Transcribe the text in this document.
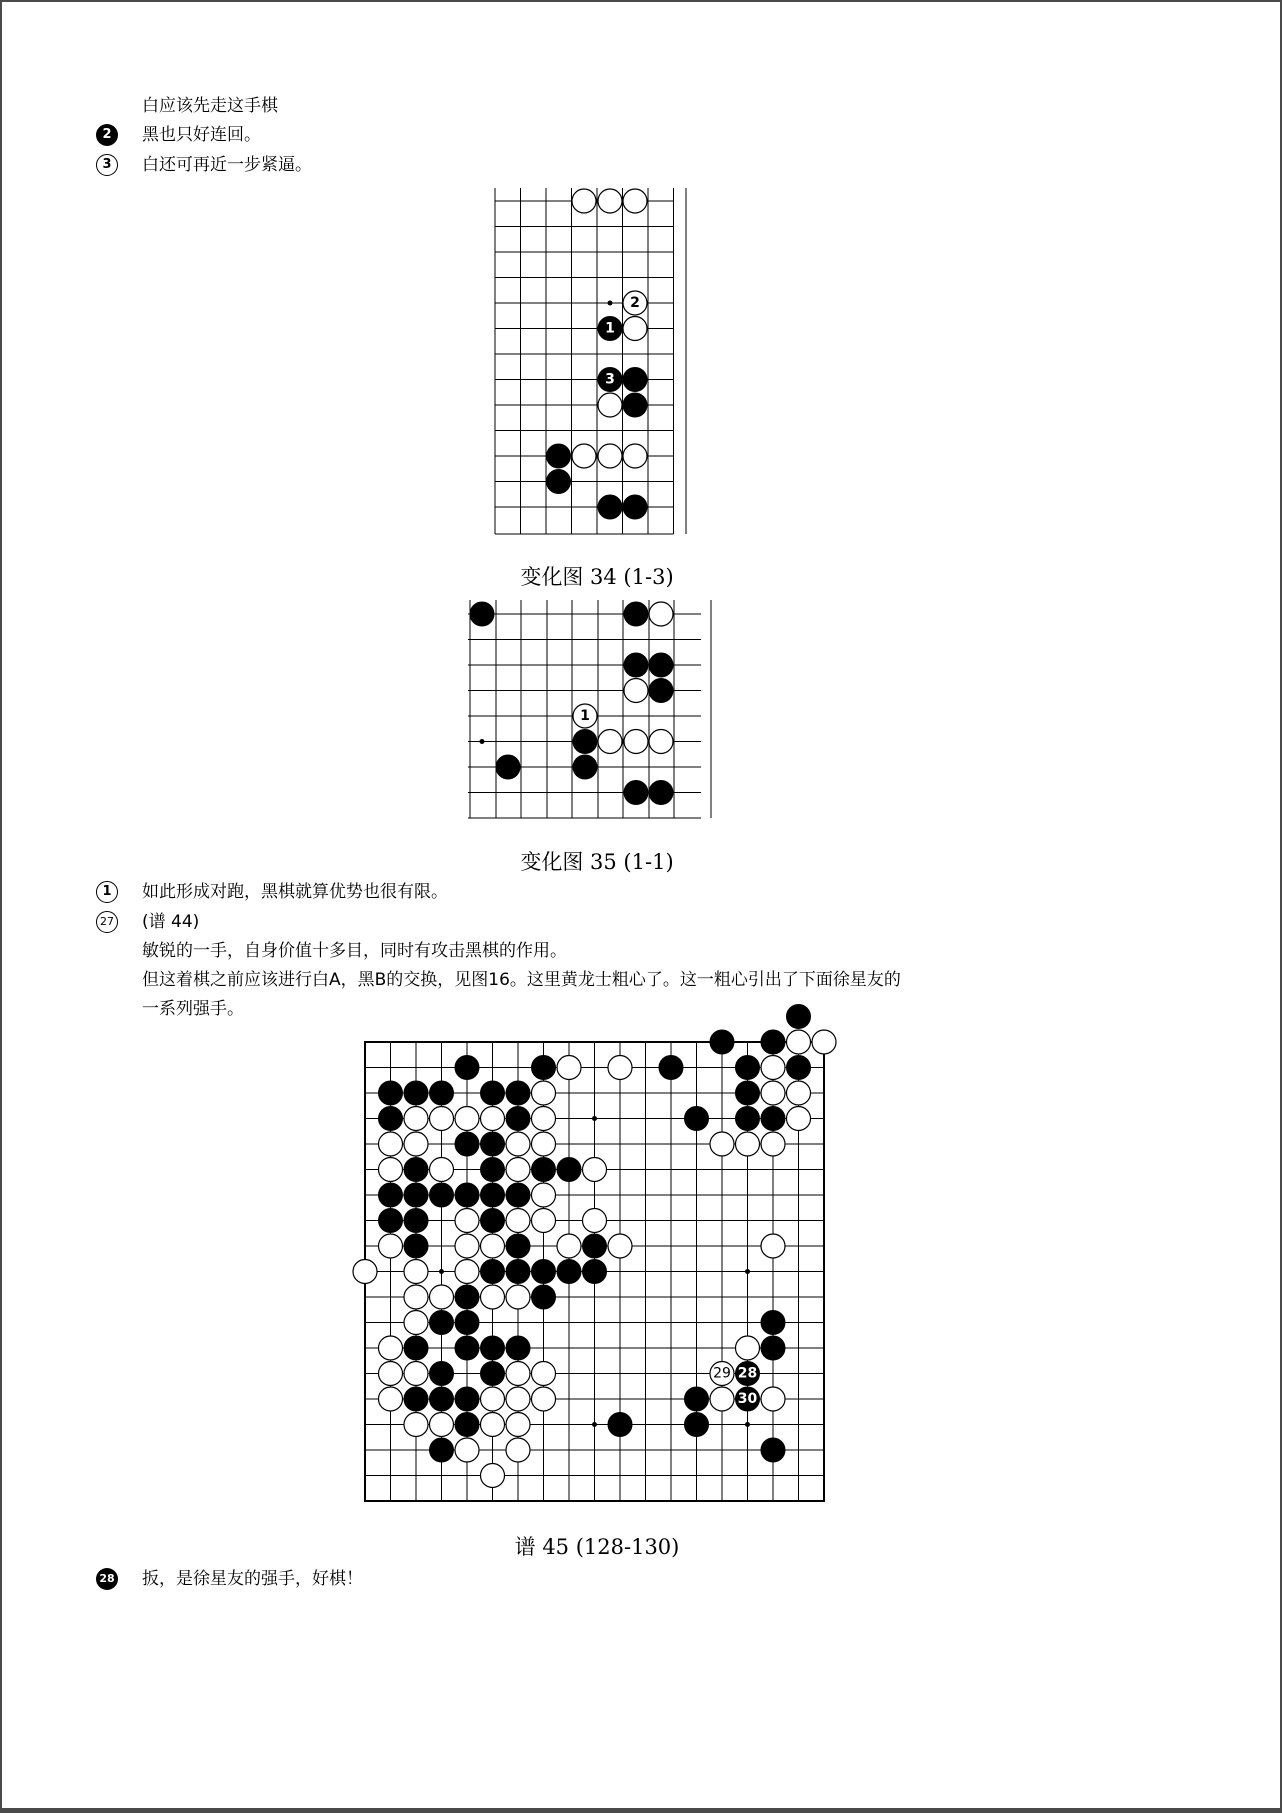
白应该先走这手棋
2	黑也只好连回。
3	白还可再近一步紧逼。
2
1
3
变化图 34 (1-3)
1
变化图 35 (1-1)
1	如此形成对跑，黑棋就算优势也很有限。
27 (谱 44)
敏锐的一手，自身价值十多目，同时有攻击黑棋的作用。
但这着棋之前应该进行白A，黑B的交换，见图16。这里黄龙士粗心了。这一粗心引出了下面徐星友的
一系列强手。
29 28
30
谱 45 (128-130)
28 扳，是徐星友的强手，好棋！
